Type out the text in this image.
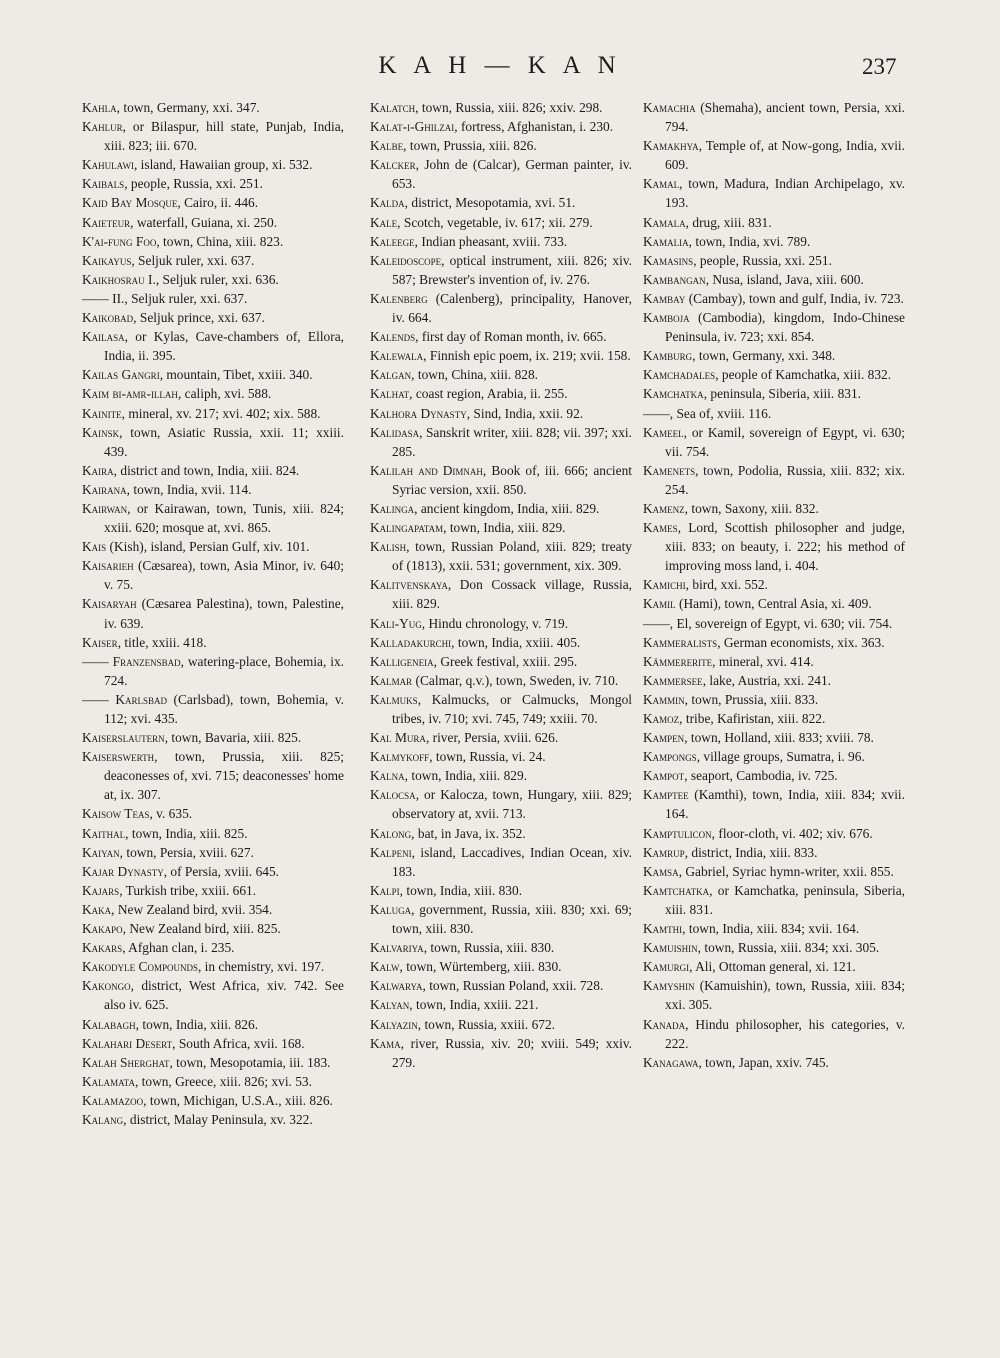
K A H — K A N	237

Kahla, town, Germany, xxi. 347.

Kahlur, or Bilaspur, hill state, Punjab, India, xiii. 823; iii. 670.

Kahulawi, island, Hawaiian group, xi. 532.

Kaibals, people, Russia, xxi. 251.

Kaid Bay Mosque, Cairo, ii. 446.

Kaieteur, waterfall, Guiana, xi. 250.

K'ai-fung Foo, town, China, xiii. 823.

Kaikayus, Seljuk ruler, xxi. 637.

Kaikhosrau I., Seljuk ruler, xxi. 636.

—— II., Seljuk ruler, xxi. 637.

Kaikobad, Seljuk prince, xxi. 637.

Kailasa, or Kylas, Cave-chambers of, Ellora, India, ii. 395.

Kailas Gangri, mountain, Tibet, xxiii. 340.

Kaim bi-amr-illah, caliph, xvi. 588.

Kainite, mineral, xv. 217; xvi. 402; xix. 588.

Kainsk, town, Asiatic Russia, xxii. 11; xxiii. 439.

Kaira, district and town, India, xiii. 824.

Kairana, town, India, xvii. 114.

Kairwan, or Kairawan, town, Tunis, xiii. 824; xxiii. 620; mosque at, xvi. 865.

Kais (Kish), island, Persian Gulf, xiv. 101.

Kaisarieh (Cæsarea), town, Asia Minor, iv. 640; v. 75.

Kaisaryah (Cæsarea Palestina), town, Palestine, iv. 639.

Kaiser, title, xxiii. 418.

—— Franzensbad, watering-place, Bohemia, ix. 724.

—— Karlsbad (Carlsbad), town, Bohemia, v. 112; xvi. 435.

Kaiserslautern, town, Bavaria, xiii. 825.

Kaiserswerth, town, Prussia, xiii. 825; deaconesses of, xvi. 715; deaconesses' home at, ix. 307.

Kaisow Teas, v. 635.

Kaithal, town, India, xiii. 825.

Kaiyan, town, Persia, xviii. 627.

Kajar Dynasty, of Persia, xviii. 645.

Kajars, Turkish tribe, xxiii. 661.

Kaka, New Zealand bird, xvii. 354.

Kakapo, New Zealand bird, xiii. 825.

Kakars, Afghan clan, i. 235.

Kakodyle Compounds, in chemistry, xvi. 197.

Kakongo, district, West Africa, xiv. 742. See also iv. 625.

Kalabagh, town, India, xiii. 826.

Kalahari Desert, South Africa, xvii. 168.

Kalah Sherghat, town, Mesopotamia, iii. 183.

Kalamata, town, Greece, xiii. 826; xvi. 53.

Kalamazoo, town, Michigan, U.S.A., xiii. 826.

Kalang, district, Malay Peninsula, xv. 322.

Kalatch, town, Russia, xiii. 826; xxiv. 298.

Kalat-i-Ghilzai, fortress, Afghanistan, i. 230.

Kalbe, town, Prussia, xiii. 826.

Kalcker, John de (Calcar), German painter, iv. 653.

Kalda, district, Mesopotamia, xvi. 51.

Kale, Scotch, vegetable, iv. 617; xii. 279.

Kaleege, Indian pheasant, xviii. 733.

Kaleidoscope, optical instrument, xiii. 826; xiv. 587; Brewster's invention of, iv. 276.

Kalenberg (Calenberg), principality, Hanover, iv. 664.

Kalends, first day of Roman month, iv. 665.

Kalewala, Finnish epic poem, ix. 219; xvii. 158.

Kalgan, town, China, xiii. 828.

Kalhat, coast region, Arabia, ii. 255.

Kalhora Dynasty, Sind, India, xxii. 92.

Kalidasa, Sanskrit writer, xiii. 828; vii. 397; xxi. 285.

Kalilah and Dimnah, Book of, iii. 666; ancient Syriac version, xxii. 850.

Kalinga, ancient kingdom, India, xiii. 829.

Kalingapatam, town, India, xiii. 829.

Kalish, town, Russian Poland, xiii. 829; treaty of (1813), xxii. 531; government, xix. 309.

Kalitvenskaya, Don Cossack village, Russia, xiii. 829.

Kali-Yug, Hindu chronology, v. 719.

Kalladakurchi, town, India, xxiii. 405.

Kalligeneia, Greek festival, xxiii. 295.

Kalmar (Calmar, q.v.), town, Sweden, iv. 710.

Kalmuks, Kalmucks, or Calmucks, Mongol tribes, iv. 710; xvi. 745, 749; xxiii. 70.

Kal Mura, river, Persia, xviii. 626.

Kalmykoff, town, Russia, vi. 24.

Kalna, town, India, xiii. 829.

Kalocsa, or Kalocza, town, Hungary, xiii. 829; observatory at, xvii. 713.

Kalong, bat, in Java, ix. 352.

Kalpeni, island, Laccadives, Indian Ocean, xiv. 183.

Kalpi, town, India, xiii. 830.

Kaluga, government, Russia, xiii. 830; xxi. 69; town, xiii. 830.

Kalvariya, town, Russia, xiii. 830.

Kalw, town, Würtemberg, xiii. 830.

Kalwarya, town, Russian Poland, xxii. 728.

Kalyan, town, India, xxiii. 221.

Kalyazin, town, Russia, xxiii. 672.

Kama, river, Russia, xiv. 20; xviii. 549; xxiv. 279.

Kamachia (Shemaha), ancient town, Persia, xxi. 794.

Kamakhya, Temple of, at Now-gong, India, xvii. 609.

Kamal, town, Madura, Indian Archipelago, xv. 193.

Kamala, drug, xiii. 831.

Kamalia, town, India, xvi. 789.

Kamasins, people, Russia, xxi. 251.

Kambangan, Nusa, island, Java, xiii. 600.

Kambay (Cambay), town and gulf, India, iv. 723.

Kamboja (Cambodia), kingdom, Indo-Chinese Peninsula, iv. 723; xxi. 854.

Kamburg, town, Germany, xxi. 348.

Kamchadales, people of Kamchatka, xiii. 832.

Kamchatka, peninsula, Siberia, xiii. 831.

——, Sea of, xviii. 116.

Kameel, or Kamil, sovereign of Egypt, vi. 630; vii. 754.

Kamenets, town, Podolia, Russia, xiii. 832; xix. 254.

Kamenz, town, Saxony, xiii. 832.

Kames, Lord, Scottish philosopher and judge, xiii. 833; on beauty, i. 222; his method of improving moss land, i. 404.

Kamichi, bird, xxi. 552.

Kamil (Hami), town, Central Asia, xi. 409.

——, El, sovereign of Egypt, vi. 630; vii. 754.

Kammeralists, German economists, xix. 363.

Kämmererite, mineral, xvi. 414.

Kammersee, lake, Austria, xxi. 241.

Kammin, town, Prussia, xiii. 833.

Kamoz, tribe, Kafiristan, xiii. 822.

Kampen, town, Holland, xiii. 833; xviii. 78.

Kampongs, village groups, Sumatra, i. 96.

Kampot, seaport, Cambodia, iv. 725.

Kamptee (Kamthi), town, India, xiii. 834; xvii. 164.

Kamptulicon, floor-cloth, vi. 402; xiv. 676.

Kamrup, district, India, xiii. 833.

Kamsa, Gabriel, Syriac hymn-writer, xxii. 855.

Kamtchatka, or Kamchatka, peninsula, Siberia, xiii. 831.

Kamthi, town, India, xiii. 834; xvii. 164.

Kamuishin, town, Russia, xiii. 834; xxi. 305.

Kamurgi, Ali, Ottoman general, xi. 121.

Kamyshin (Kamuishin), town, Russia, xiii. 834; xxi. 305.

Kanada, Hindu philosopher, his categories, v. 222.

Kanagawa, town, Japan, xxiv. 745.
